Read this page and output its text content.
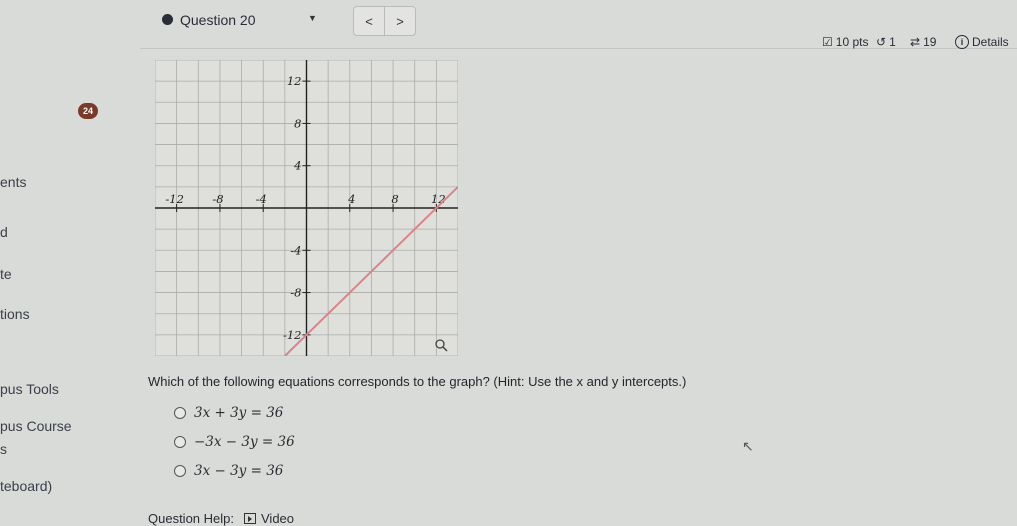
24
ents
d
te
tions
pus Tools
pus Course
s
teboard)
Question 20	▼	<	>
☑ 10 pts ↺ 1 ⇄ 19	i Details
-12 -8	-4	4	8	12
12
8
4
-4
-8
-12
Which of the following equations corresponds to the graph? (Hint: Use the x and y intercepts.)
3x + 3y = 36
−3x − 3y = 36
3x − 3y = 36
Question Help: Video
↖
